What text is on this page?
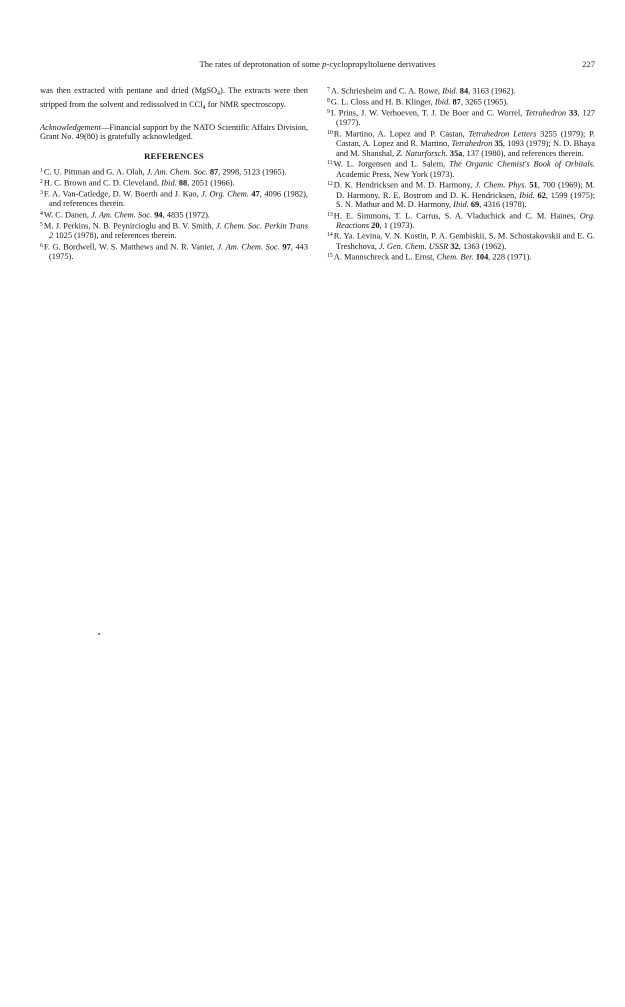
The rates of deprotonation of some p-cyclopropyltoluene derivatives	227

was then extracted with pentane and dried (MgSO$_4$). The extracts were then stripped from the solvent and redissolved in CCl$_4$ for NMR spectroscopy.

Acknowledgement—Financial support by the NATO Scientific Affairs Division, Grant No. 49(80) is gratefully acknowledged.

REFERENCES

$^1$C. U. Pittman and G. A. Olah, J. Am. Chem. Soc. 87, 2998, 5123 (1965).

$^2$H. C. Brown and C. D. Cleveland, Ibid. 88, 2051 (1966).

$^3$F. A. Van-Catledge, D. W. Boerth and J. Kao, J. Org. Chem. 47, 4096 (1982), and references therein.

$^4$W. C. Danen, J. Am. Chem. Soc. 94, 4835 (1972).

$^5$M. J. Perkins, N. B. Peynircioglu and B. V. Smith, J. Chem. Soc. Perkin Trans 2 1025 (1978), and references therein.

$^6$F. G. Bordwell, W. S. Matthews and N. R. Vanier, J. Am. Chem. Soc. 97, 443 (1975).

$^7$A. Schriesheim and C. A. Rowe, Ibid. 84, 3163 (1962).

$^8$G. L. Closs and H. B. Klinger, Ibid. 87, 3265 (1965).

$^9$I. Prins, J. W. Verhoeven, T. J. De Boer and C. Worrel, Tetrahedron 33, 127 (1977).

$^{10}$R. Martino, A. Lopez and P. Castan, Tetrahedron Letters 3255 (1979); P. Castan, A. Lopez and R. Martino, Tetrahedron 35, 1093 (1979); N. D. Bhaya and M. Shanshal, Z. Naturforsch. 35a, 137 (1980), and references therein.

$^{11}$W. L. Jorgensen and L. Salem, The Organic Chemist's Book of Orbitals. Academic Press, New York (1973).

$^{12}$D. K. Hendricksen and M. D. Harmony, J. Chem. Phys. 51, 700 (1969); M. D. Harmony, R. E. Bostrom and D. K. Hendricksen, Ibid. 62, 1599 (1975); S. N. Mathur and M. D. Harmony, Ibid. 69, 4316 (1978).

$^{13}$H. E. Simmons, T. L. Carrus, S. A. Vladuchick and C. M. Haines, Org. Reactions 20, 1 (1973).

$^{14}$R. Ya. Levina, V. N. Kostin, P. A. Gembiskii, S. M. Schostakovskii and E. G. Treshchova, J. Gen. Chem. USSR 32, 1363 (1962).

$^{15}$A. Mannschreck and L. Ernst, Chem. Ber. 104, 228 (1971).
